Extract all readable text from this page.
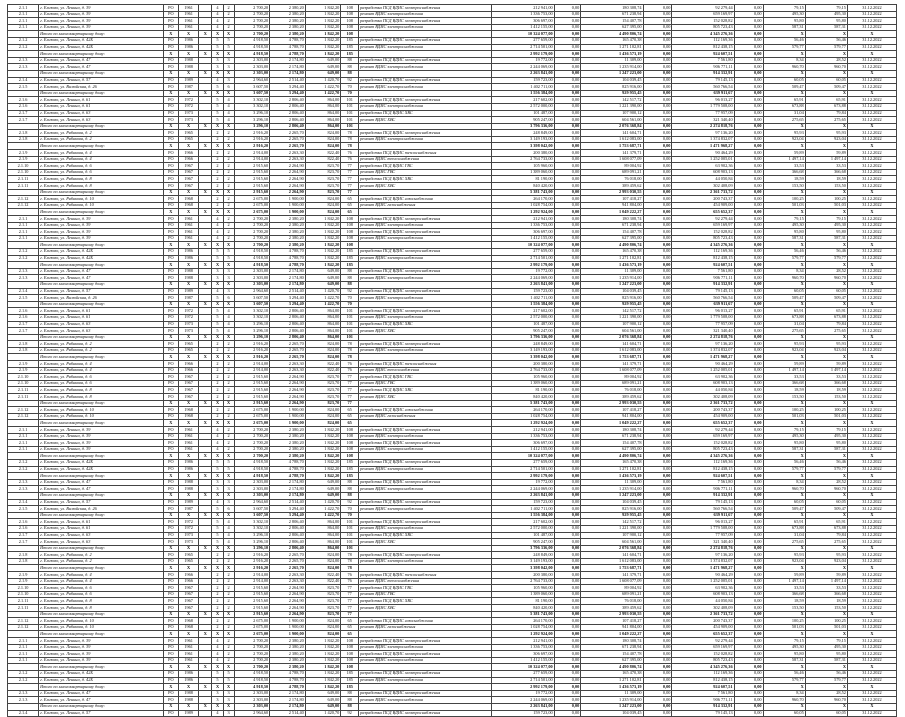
2.1.1	г. Елизово, ул. Ленина, д. 39	РО	1961		4	2	2 700,20	2 380,20	1 842,20	108	разработка ПСД ВДИС электроснабжения	212 941,00	0,00	180 308,74	0,00	92 279,44	0,00	79,15	79,15	31.12.2022
2.1.1	г. Елизово, ул. Ленина, д. 39	РО	1961		4	2	2 700,20	2 380,20	1 842,20	108	ремонт ВДИС электроснабжения	1 336 753,00	0,00	671 238,94	0,00	659 169,97	0,00	495,30	495,30	31.12.2022
2.1.1	г. Елизово, ул. Ленина, д. 39	РО	1961		4	2	2 700,20	2 380,20	1 842,20	108	разработка ПСД ВДИС электроснабжения	306 697,00	0,00	154 407,78	0,00	152 028,82	0,00	95,80	95,80	31.12.2022
2.1.1	г. Елизово, ул. Ленина, д. 39	РО	1961		4	2	2 700,20	2 380,20	1 842,20	108	ремонт ВДИС электроснабжения	1 412 155,00	0,00	627 395,00	0,00	805 723,43	0,00	587,31	587,31	31.12.2022
	Итого по многоквартирному дому:	X	X	X	X	X	2 700,20	2 380,20	1 842,20	108		10 324 077,00	0,00	4 490 806,74	0,00	4 345 276,36	0,00	X	X	X
2.1.2	г. Елизово, ул. Ленина, д. 42Б	РО	1986		5	5	4 918,50	4 788,70	1 842,20	185	разработка ПСД ВДИС электроснабжения	277 659,00	0,00	165 470,38	0,00	112 169,36	0,00	56,46	56,46	31.12.2022
2.1.2	г. Елизово, ул. Ленина, д. 42Б	РО	1986		5	5	4 918,50	4 788,70	1 842,20	185	ремонт ВДИС электроснабжения	2 714 501,00	0,00	1 271 102,81	0,00	812 438,15	0,00	579,77	579,77	31.12.2022
	Итого по многоквартирному дому:	X	X	X	X	X	4 918,50	4 788,70	1 842,20	185		2 992 179,00	0,00	1 436 573,19	0,00	924 607,51	0,00	X	X	X
2.1.3	г. Елизово, ул. Ленина, д. 47	РО	1988		3	3	2 303,00	2 174,80	649,00	88	разработка ПСД ВДИС электроснабжения	19 772,00	0,00	11 309,00	0,00	7 561,80	0,00	8,34	28,52	31.12.2022
2.1.3	г. Елизово, ул. Ленина, д. 47	РО	1988		3	3	2 303,00	2 174,80	649,00	88	ремонт ВДИС электроснабжения	2 244 069,00	0,00	1 235 914,00	0,00	906 771,11	0,00	960,70	960,70	31.12.2022
	Итого по многоквартирному дому:	X	X	X	X	X	2 303,00	2 174,80	649,00	88		2 263 841,00	0,00	1 247 223,00	0,00	914 332,91	0,00	X	X	X
2.1.4	г. Елизово, ул. Ленина, д. 57	РО	1989		4	3	2 964,60	2 514,40	1 420,70	92	разработка ПСД ВДИС электроснабжения	159 723,00	0,00	104 039,45	0,00	79 145,13	0,00	60,05	60,05	31.12.2022
2.1.5	г. Елизово, ул. Вилюйская, д. 26	РО	1987		5	6	3 607,50	3 294,40	1 422,70	70	ремонт ВДИС электроснабжения	1 402 711,00	0,00	825 916,00	0,00	560 766,54	0,00	509,47	509,47	31.12.2022
	Итого по многоквартирному дому:	X	X	X	X	X	3 607,50	3 294,40	1 422,70	70		1 556 384,00	0,00	929 955,45	0,00	639 911,67	0,00	X	X	X
2.1.6	г. Елизово, ул. Ленина, д. 61	РО	1972		5	4	3 302,10	2 806,40	864,00	101	разработка ПСД ВДИС электроснабжения	217 602,00	0,00	142 517,72	0,00	96 013,27	0,00	65,91	65,91	31.12.2022
2.1.6	г. Елизово, ул. Ленина, д. 61	РО	1972		5	4	3 302,10	2 806,40	864,00	101	ремонт ВДИС электроснабжения	2 572 000,00	0,00	1 221 390,00	0,00	1 779 508,00	0,00	673,88	673,88	31.12.2022
2.1.7	г. Елизово, ул. Ленина, д. 63	РО	1973		5	4	3 296,10	2 806,40	864,00	101	разработка ПСД ВДИС ХВС	101 487,00	0,00	107 900,12	0,00	77 957,09	0,00	31,04	79,84	31.12.2022
2.1.7	г. Елизово, ул. Ленина, д. 63	РО	1973		5	4	3 296,10	2 806,40	864,00	101	ремонт ВДИС ХВС	905 247,00	0,00	604 561,00	0,00	321 340,40	0,00	275,65	275,65	31.12.2022
	Итого по многоквартирному дому:	X	X	X	X	X	3 296,10	2 806,40	864,00	101		3 796 336,00	0,00	2 076 368,84	0,00	2 274 818,76	0,00	X	X	X
2.1.8	г. Елизово, ул. Рябикова, д. 2	РО	1965		2	2	2 916,20	2 265,70	824,00	78	разработка ПСД ВДИС электроснабжения	248 849,00	0,00	141 604,71	0,00	97 136,20	0,00	95,93	95,93	31.12.2022
2.1.8	г. Елизово, ул. Рябикова, д. 2	РО	1965		2	2	2 916,20	2 265,70	824,00	78	ремонт ВДИС электроснабжения	3 149 193,00	0,00	1 612 083,00	0,00	1 374 832,07	0,00	923,04	923,04	31.12.2022
	Итого по многоквартирному дому:	X	X	X	X	X	2 916,20	2 265,70	824,00	78		3 398 042,00	0,00	1 753 687,71	0,00	1 471 968,27	0,00	X	X	X
2.1.9	г. Елизово, ул. Рябикова, д. 4	РО	1966		2	2	2 914,00	2 263,30	822,40	76	разработка ПСД ВДИС теплоснабжения	200 380,00	0,00	141 379,71	0,00	90 464,29	0,00	59,89	59,89	31.12.2022
2.1.9	г. Елизово, ул. Рябикова, д. 4	РО	1966		2	2	2 914,00	2 263,30	822,40	76	ремонт ВДИС теплоснабжения	2 764 733,00	0,00	1 608 077,09	0,00	1 252 005,01	0,00	1 497,14	1 497,14	31.12.2022
2.1.10	г. Елизово, ул. Рябикова, д. 6	РО	1967		2	2	2 915,60	2 264,90	823,70	77	разработка ПСД ВДИС ГВС	105 960,00	0,00	89 004,92	0,00	63 902,36	0,00	33,53	33,53	31.12.2022
2.1.10	г. Елизово, ул. Рябикова, д. 6	РО	1967		2	2	2 915,60	2 264,90	823,70	77	ремонт ВДИС ГВС	1 389 060,00	0,00	689 091,21	0,00	608 903,13	0,00	366,68	366,68	31.12.2022
2.1.11	г. Елизово, ул. Рябикова, д. 8	РО	1967		2	2	2 915,60	2 264,90	823,70	77	разработка ПСД ВДИС ХВС	81 190,00	0,00	76 018,00	0,00	44 050,84	0,00	18,59	18,59	31.12.2022
2.1.11	г. Елизово, ул. Рябикова, д. 8	РО	1967		2	2	2 915,60	2 264,90	823,70	77	ремонт ВДИС ХВС	840 420,00	0,00	389 459,62	0,00	302 408,09	0,00	153,50	153,50	31.12.2022
	Итого по многоквартирному дому:	X	X	X	X	X	2 915,60	2 264,90	823,70	77		5 381 743,00	0,00	2 993 030,55	0,00	2 361 733,72	0,00	X	X	X
2.1.12	г. Елизово, ул. Рябикова, д. 10	РО	1968		2	2	2 675,00	1 900,00	824,00	65	разработка ПСД ВДИС газоснабжения	264 170,00	0,00	107 418,27	0,00	200 743,37	0,00	100,25	100,25	31.12.2022
2.1.12	г. Елизово, ул. Рябикова, д. 10	РО	1968		2	2	2 675,00	1 900,00	824,00	65	ремонт ВДИС газоснабжения	1 028 754,00	0,00	941 804,00	0,00	454 909,00	0,00	501,03	501,03	31.12.2022
	Итого по многоквартирному дому:	X	X	X	X	X	2 675,00	1 900,00	824,00	65		1 292 924,00	0,00	1 049 222,27	0,00	655 652,37	0,00	X	X	X
2.1.1	г. Елизово, ул. Ленина, д. 39	РО	1961		4	2	2 700,20	2 380,20	1 842,20	108	разработка ПСД ВДИС электроснабжения	212 941,00	0,00	180 308,74	0,00	92 279,44	0,00	79,15	79,15	31.12.2022
2.1.1	г. Елизово, ул. Ленина, д. 39	РО	1961		4	2	2 700,20	2 380,20	1 842,20	108	ремонт ВДИС электроснабжения	1 336 753,00	0,00	671 238,94	0,00	659 169,97	0,00	495,30	495,30	31.12.2022
2.1.1	г. Елизово, ул. Ленина, д. 39	РО	1961		4	2	2 700,20	2 380,20	1 842,20	108	разработка ПСД ВДИС электроснабжения	306 697,00	0,00	154 407,78	0,00	152 028,82	0,00	95,80	95,80	31.12.2022
2.1.1	г. Елизово, ул. Ленина, д. 39	РО	1961		4	2	2 700,20	2 380,20	1 842,20	108	ремонт ВДИС электроснабжения	1 412 155,00	0,00	627 395,00	0,00	805 723,43	0,00	587,31	587,31	31.12.2022
	Итого по многоквартирному дому:	X	X	X	X	X	2 700,20	2 380,20	1 842,20	108		10 324 077,00	0,00	4 490 806,74	0,00	4 345 276,36	0,00	X	X	X
2.1.2	г. Елизово, ул. Ленина, д. 42Б	РО	1986		5	5	4 918,50	4 788,70	1 842,20	185	разработка ПСД ВДИС электроснабжения	277 659,00	0,00	165 470,38	0,00	112 169,36	0,00	56,46	56,46	31.12.2022
2.1.2	г. Елизово, ул. Ленина, д. 42Б	РО	1986		5	5	4 918,50	4 788,70	1 842,20	185	ремонт ВДИС электроснабжения	2 714 501,00	0,00	1 271 102,81	0,00	812 438,15	0,00	579,77	579,77	31.12.2022
	Итого по многоквартирному дому:	X	X	X	X	X	4 918,50	4 788,70	1 842,20	185		2 992 179,00	0,00	1 436 573,19	0,00	924 607,51	0,00	X	X	X
2.1.3	г. Елизово, ул. Ленина, д. 47	РО	1988		3	3	2 303,00	2 174,80	649,00	88	разработка ПСД ВДИС электроснабжения	19 772,00	0,00	11 309,00	0,00	7 561,80	0,00	8,34	28,52	31.12.2022
2.1.3	г. Елизово, ул. Ленина, д. 47	РО	1988		3	3	2 303,00	2 174,80	649,00	88	ремонт ВДИС электроснабжения	2 244 069,00	0,00	1 235 914,00	0,00	906 771,11	0,00	960,70	960,70	31.12.2022
	Итого по многоквартирному дому:	X	X	X	X	X	2 303,00	2 174,80	649,00	88		2 263 841,00	0,00	1 247 223,00	0,00	914 332,91	0,00	X	X	X
2.1.4	г. Елизово, ул. Ленина, д. 57	РО	1989		4	3	2 964,60	2 514,40	1 420,70	92	разработка ПСД ВДИС электроснабжения	159 723,00	0,00	104 039,45	0,00	79 145,13	0,00	60,05	60,05	31.12.2022
2.1.5	г. Елизово, ул. Вилюйская, д. 26	РО	1987		5	6	3 607,50	3 294,40	1 422,70	70	ремонт ВДИС электроснабжения	1 402 711,00	0,00	825 916,00	0,00	560 766,54	0,00	509,47	509,47	31.12.2022
	Итого по многоквартирному дому:	X	X	X	X	X	3 607,50	3 294,40	1 422,70	70		1 556 384,00	0,00	929 955,45	0,00	639 911,67	0,00	X	X	X
2.1.6	г. Елизово, ул. Ленина, д. 61	РО	1972		5	4	3 302,10	2 806,40	864,00	101	разработка ПСД ВДИС электроснабжения	217 602,00	0,00	142 517,72	0,00	96 013,27	0,00	65,91	65,91	31.12.2022
2.1.6	г. Елизово, ул. Ленина, д. 61	РО	1972		5	4	3 302,10	2 806,40	864,00	101	ремонт ВДИС электроснабжения	2 572 000,00	0,00	1 221 390,00	0,00	1 779 508,00	0,00	673,88	673,88	31.12.2022
2.1.7	г. Елизово, ул. Ленина, д. 63	РО	1973		5	4	3 296,10	2 806,40	864,00	101	разработка ПСД ВДИС ХВС	101 487,00	0,00	107 900,12	0,00	77 957,09	0,00	31,04	79,84	31.12.2022
2.1.7	г. Елизово, ул. Ленина, д. 63	РО	1973		5	4	3 296,10	2 806,40	864,00	101	ремонт ВДИС ХВС	905 247,00	0,00	604 561,00	0,00	321 340,40	0,00	275,65	275,65	31.12.2022
	Итого по многоквартирному дому:	X	X	X	X	X	3 296,10	2 806,40	864,00	101		3 796 336,00	0,00	2 076 368,84	0,00	2 274 818,76	0,00	X	X	X
2.1.8	г. Елизово, ул. Рябикова, д. 2	РО	1965		2	2	2 916,20	2 265,70	824,00	78	разработка ПСД ВДИС электроснабжения	248 849,00	0,00	141 604,71	0,00	97 136,20	0,00	95,93	95,93	31.12.2022
2.1.8	г. Елизово, ул. Рябикова, д. 2	РО	1965		2	2	2 916,20	2 265,70	824,00	78	ремонт ВДИС электроснабжения	3 149 193,00	0,00	1 612 083,00	0,00	1 374 832,07	0,00	923,04	923,04	31.12.2022
	Итого по многоквартирному дому:	X	X	X	X	X	2 916,20	2 265,70	824,00	78		3 398 042,00	0,00	1 753 687,71	0,00	1 471 968,27	0,00	X	X	X
2.1.9	г. Елизово, ул. Рябикова, д. 4	РО	1966		2	2	2 914,00	2 263,30	822,40	76	разработка ПСД ВДИС теплоснабжения	200 380,00	0,00	141 379,71	0,00	90 464,29	0,00	59,89	59,89	31.12.2022
2.1.9	г. Елизово, ул. Рябикова, д. 4	РО	1966		2	2	2 914,00	2 263,30	822,40	76	ремонт ВДИС теплоснабжения	2 764 733,00	0,00	1 608 077,09	0,00	1 252 005,01	0,00	1 497,14	1 497,14	31.12.2022
2.1.10	г. Елизово, ул. Рябикова, д. 6	РО	1967		2	2	2 915,60	2 264,90	823,70	77	разработка ПСД ВДИС ГВС	105 960,00	0,00	89 004,92	0,00	63 902,36	0,00	33,53	33,53	31.12.2022
2.1.10	г. Елизово, ул. Рябикова, д. 6	РО	1967		2	2	2 915,60	2 264,90	823,70	77	ремонт ВДИС ГВС	1 389 060,00	0,00	689 091,21	0,00	608 903,13	0,00	366,68	366,68	31.12.2022
2.1.11	г. Елизово, ул. Рябикова, д. 8	РО	1967		2	2	2 915,60	2 264,90	823,70	77	разработка ПСД ВДИС ХВС	81 190,00	0,00	76 018,00	0,00	44 050,84	0,00	18,59	18,59	31.12.2022
2.1.11	г. Елизово, ул. Рябикова, д. 8	РО	1967		2	2	2 915,60	2 264,90	823,70	77	ремонт ВДИС ХВС	840 420,00	0,00	389 459,62	0,00	302 408,09	0,00	153,50	153,50	31.12.2022
	Итого по многоквартирному дому:	X	X	X	X	X	2 915,60	2 264,90	823,70	77		5 381 743,00	0,00	2 993 030,55	0,00	2 361 733,72	0,00	X	X	X
2.1.12	г. Елизово, ул. Рябикова, д. 10	РО	1968		2	2	2 675,00	1 900,00	824,00	65	разработка ПСД ВДИС газоснабжения	264 170,00	0,00	107 418,27	0,00	200 743,37	0,00	100,25	100,25	31.12.2022
2.1.12	г. Елизово, ул. Рябикова, д. 10	РО	1968		2	2	2 675,00	1 900,00	824,00	65	ремонт ВДИС газоснабжения	1 028 754,00	0,00	941 804,00	0,00	454 909,00	0,00	501,03	501,03	31.12.2022
	Итого по многоквартирному дому:	X	X	X	X	X	2 675,00	1 900,00	824,00	65		1 292 924,00	0,00	1 049 222,27	0,00	655 652,37	0,00	X	X	X
2.1.1	г. Елизово, ул. Ленина, д. 39	РО	1961		4	2	2 700,20	2 380,20	1 842,20	108	разработка ПСД ВДИС электроснабжения	212 941,00	0,00	180 308,74	0,00	92 279,44	0,00	79,15	79,15	31.12.2022
2.1.1	г. Елизово, ул. Ленина, д. 39	РО	1961		4	2	2 700,20	2 380,20	1 842,20	108	ремонт ВДИС электроснабжения	1 336 753,00	0,00	671 238,94	0,00	659 169,97	0,00	495,30	495,30	31.12.2022
2.1.1	г. Елизово, ул. Ленина, д. 39	РО	1961		4	2	2 700,20	2 380,20	1 842,20	108	разработка ПСД ВДИС электроснабжения	306 697,00	0,00	154 407,78	0,00	152 028,82	0,00	95,80	95,80	31.12.2022
2.1.1	г. Елизово, ул. Ленина, д. 39	РО	1961		4	2	2 700,20	2 380,20	1 842,20	108	ремонт ВДИС электроснабжения	1 412 155,00	0,00	627 395,00	0,00	805 723,43	0,00	587,31	587,31	31.12.2022
	Итого по многоквартирному дому:	X	X	X	X	X	2 700,20	2 380,20	1 842,20	108		10 324 077,00	0,00	4 490 806,74	0,00	4 345 276,36	0,00	X	X	X
2.1.2	г. Елизово, ул. Ленина, д. 42Б	РО	1986		5	5	4 918,50	4 788,70	1 842,20	185	разработка ПСД ВДИС электроснабжения	277 659,00	0,00	165 470,38	0,00	112 169,36	0,00	56,46	56,46	31.12.2022
2.1.2	г. Елизово, ул. Ленина, д. 42Б	РО	1986		5	5	4 918,50	4 788,70	1 842,20	185	ремонт ВДИС электроснабжения	2 714 501,00	0,00	1 271 102,81	0,00	812 438,15	0,00	579,77	579,77	31.12.2022
	Итого по многоквартирному дому:	X	X	X	X	X	4 918,50	4 788,70	1 842,20	185		2 992 179,00	0,00	1 436 573,19	0,00	924 607,51	0,00	X	X	X
2.1.3	г. Елизово, ул. Ленина, д. 47	РО	1988		3	3	2 303,00	2 174,80	649,00	88	разработка ПСД ВДИС электроснабжения	19 772,00	0,00	11 309,00	0,00	7 561,80	0,00	8,34	28,52	31.12.2022
2.1.3	г. Елизово, ул. Ленина, д. 47	РО	1988		3	3	2 303,00	2 174,80	649,00	88	ремонт ВДИС электроснабжения	2 244 069,00	0,00	1 235 914,00	0,00	906 771,11	0,00	960,70	960,70	31.12.2022
	Итого по многоквартирному дому:	X	X	X	X	X	2 303,00	2 174,80	649,00	88		2 263 841,00	0,00	1 247 223,00	0,00	914 332,91	0,00	X	X	X
2.1.4	г. Елизово, ул. Ленина, д. 57	РО	1989		4	3	2 964,60	2 514,40	1 420,70	92	разработка ПСД ВДИС электроснабжения	159 723,00	0,00	104 039,45	0,00	79 145,13	0,00	60,05	60,05	31.12.2022
2.1.5	г. Елизово, ул. Вилюйская, д. 26	РО	1987		5	6	3 607,50	3 294,40	1 422,70	70	ремонт ВДИС электроснабжения	1 402 711,00	0,00	825 916,00	0,00	560 766,54	0,00	509,47	509,47	31.12.2022
	Итого по многоквартирному дому:	X	X	X	X	X	3 607,50	3 294,40	1 422,70	70		1 556 384,00	0,00	929 955,45	0,00	639 911,67	0,00	X	X	X
2.1.6	г. Елизово, ул. Ленина, д. 61	РО	1972		5	4	3 302,10	2 806,40	864,00	101	разработка ПСД ВДИС электроснабжения	217 602,00	0,00	142 517,72	0,00	96 013,27	0,00	65,91	65,91	31.12.2022
2.1.6	г. Елизово, ул. Ленина, д. 61	РО	1972		5	4	3 302,10	2 806,40	864,00	101	ремонт ВДИС электроснабжения	2 572 000,00	0,00	1 221 390,00	0,00	1 779 508,00	0,00	673,88	673,88	31.12.2022
2.1.7	г. Елизово, ул. Ленина, д. 63	РО	1973		5	4	3 296,10	2 806,40	864,00	101	разработка ПСД ВДИС ХВС	101 487,00	0,00	107 900,12	0,00	77 957,09	0,00	31,04	79,84	31.12.2022
2.1.7	г. Елизово, ул. Ленина, д. 63	РО	1973		5	4	3 296,10	2 806,40	864,00	101	ремонт ВДИС ХВС	905 247,00	0,00	604 561,00	0,00	321 340,40	0,00	275,65	275,65	31.12.2022
	Итого по многоквартирному дому:	X	X	X	X	X	3 296,10	2 806,40	864,00	101		3 796 336,00	0,00	2 076 368,84	0,00	2 274 818,76	0,00	X	X	X
2.1.8	г. Елизово, ул. Рябикова, д. 2	РО	1965		2	2	2 916,20	2 265,70	824,00	78	разработка ПСД ВДИС электроснабжения	248 849,00	0,00	141 604,71	0,00	97 136,20	0,00	95,93	95,93	31.12.2022
2.1.8	г. Елизово, ул. Рябикова, д. 2	РО	1965		2	2	2 916,20	2 265,70	824,00	78	ремонт ВДИС электроснабжения	3 149 193,00	0,00	1 612 083,00	0,00	1 374 832,07	0,00	923,04	923,04	31.12.2022
	Итого по многоквартирному дому:	X	X	X	X	X	2 916,20	2 265,70	824,00	78		3 398 042,00	0,00	1 753 687,71	0,00	1 471 968,27	0,00	X	X	X
2.1.9	г. Елизово, ул. Рябикова, д. 4	РО	1966		2	2	2 914,00	2 263,30	822,40	76	разработка ПСД ВДИС теплоснабжения	200 380,00	0,00	141 379,71	0,00	90 464,29	0,00	59,89	59,89	31.12.2022
2.1.9	г. Елизово, ул. Рябикова, д. 4	РО	1966		2	2	2 914,00	2 263,30	822,40	76	ремонт ВДИС теплоснабжения	2 764 733,00	0,00	1 608 077,09	0,00	1 252 005,01	0,00	1 497,14	1 497,14	31.12.2022
2.1.10	г. Елизово, ул. Рябикова, д. 6	РО	1967		2	2	2 915,60	2 264,90	823,70	77	разработка ПСД ВДИС ГВС	105 960,00	0,00	89 004,92	0,00	63 902,36	0,00	33,53	33,53	31.12.2022
2.1.10	г. Елизово, ул. Рябикова, д. 6	РО	1967		2	2	2 915,60	2 264,90	823,70	77	ремонт ВДИС ГВС	1 389 060,00	0,00	689 091,21	0,00	608 903,13	0,00	366,68	366,68	31.12.2022
2.1.11	г. Елизово, ул. Рябикова, д. 8	РО	1967		2	2	2 915,60	2 264,90	823,70	77	разработка ПСД ВДИС ХВС	81 190,00	0,00	76 018,00	0,00	44 050,84	0,00	18,59	18,59	31.12.2022
2.1.11	г. Елизово, ул. Рябикова, д. 8	РО	1967		2	2	2 915,60	2 264,90	823,70	77	ремонт ВДИС ХВС	840 420,00	0,00	389 459,62	0,00	302 408,09	0,00	153,50	153,50	31.12.2022
	Итого по многоквартирному дому:	X	X	X	X	X	2 915,60	2 264,90	823,70	77		5 381 743,00	0,00	2 993 030,55	0,00	2 361 733,72	0,00	X	X	X
2.1.12	г. Елизово, ул. Рябикова, д. 10	РО	1968		2	2	2 675,00	1 900,00	824,00	65	разработка ПСД ВДИС газоснабжения	264 170,00	0,00	107 418,27	0,00	200 743,37	0,00	100,25	100,25	31.12.2022
2.1.12	г. Елизово, ул. Рябикова, д. 10	РО	1968		2	2	2 675,00	1 900,00	824,00	65	ремонт ВДИС газоснабжения	1 028 754,00	0,00	941 804,00	0,00	454 909,00	0,00	501,03	501,03	31.12.2022
	Итого по многоквартирному дому:	X	X	X	X	X	2 675,00	1 900,00	824,00	65		1 292 924,00	0,00	1 049 222,27	0,00	655 652,37	0,00	X	X	X
2.1.1	г. Елизово, ул. Ленина, д. 39	РО	1961		4	2	2 700,20	2 380,20	1 842,20	108	разработка ПСД ВДИС электроснабжения	212 941,00	0,00	180 308,74	0,00	92 279,44	0,00	79,15	79,15	31.12.2022
2.1.1	г. Елизово, ул. Ленина, д. 39	РО	1961		4	2	2 700,20	2 380,20	1 842,20	108	ремонт ВДИС электроснабжения	1 336 753,00	0,00	671 238,94	0,00	659 169,97	0,00	495,30	495,30	31.12.2022
2.1.1	г. Елизово, ул. Ленина, д. 39	РО	1961		4	2	2 700,20	2 380,20	1 842,20	108	разработка ПСД ВДИС электроснабжения	306 697,00	0,00	154 407,78	0,00	152 028,82	0,00	95,80	95,80	31.12.2022
2.1.1	г. Елизово, ул. Ленина, д. 39	РО	1961		4	2	2 700,20	2 380,20	1 842,20	108	ремонт ВДИС электроснабжения	1 412 155,00	0,00	627 395,00	0,00	805 723,43	0,00	587,31	587,31	31.12.2022
	Итого по многоквартирному дому:	X	X	X	X	X	2 700,20	2 380,20	1 842,20	108		10 324 077,00	0,00	4 490 806,74	0,00	4 345 276,36	0,00	X	X	X
2.1.2	г. Елизово, ул. Ленина, д. 42Б	РО	1986		5	5	4 918,50	4 788,70	1 842,20	185	разработка ПСД ВДИС электроснабжения	277 659,00	0,00	165 470,38	0,00	112 169,36	0,00	56,46	56,46	31.12.2022
2.1.2	г. Елизово, ул. Ленина, д. 42Б	РО	1986		5	5	4 918,50	4 788,70	1 842,20	185	ремонт ВДИС электроснабжения	2 714 501,00	0,00	1 271 102,81	0,00	812 438,15	0,00	579,77	579,77	31.12.2022
	Итого по многоквартирному дому:	X	X	X	X	X	4 918,50	4 788,70	1 842,20	185		2 992 179,00	0,00	1 436 573,19	0,00	924 607,51	0,00	X	X	X
2.1.3	г. Елизово, ул. Ленина, д. 47	РО	1988		3	3	2 303,00	2 174,80	649,00	88	разработка ПСД ВДИС электроснабжения	19 772,00	0,00	11 309,00	0,00	7 561,80	0,00	8,34	28,52	31.12.2022
2.1.3	г. Елизово, ул. Ленина, д. 47	РО	1988		3	3	2 303,00	2 174,80	649,00	88	ремонт ВДИС электроснабжения	2 244 069,00	0,00	1 235 914,00	0,00	906 771,11	0,00	960,70	960,70	31.12.2022
	Итого по многоквартирному дому:	X	X	X	X	X	2 303,00	2 174,80	649,00	88		2 263 841,00	0,00	1 247 223,00	0,00	914 332,91	0,00	X	X	X
2.1.4	г. Елизово, ул. Ленина, д. 57	РО	1989		4	3	2 964,60	2 514,40	1 420,70	92	разработка ПСД ВДИС электроснабжения	159 723,00	0,00	104 039,45	0,00	79 145,13	0,00	60,05	60,05	31.12.2022
